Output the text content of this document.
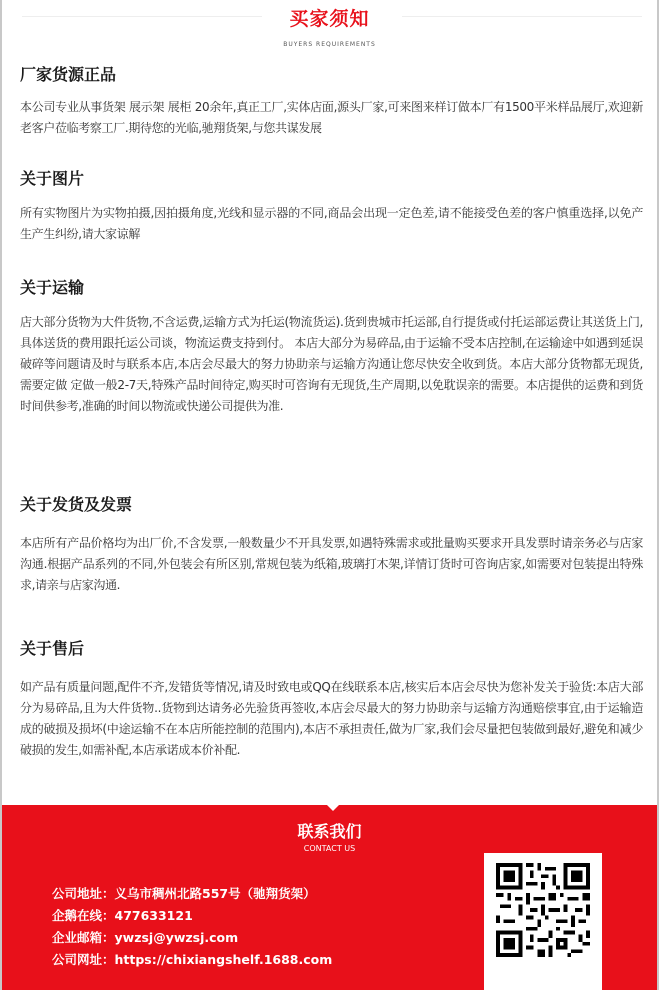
买家须知
BUYERS REQUIREMENTS
厂家货源正品

本公司专业从事货架 展示架 展柜 20余年,真正工厂,实体店面,源头厂家,可来图来样订做本厂有1500平米样品展厅,欢迎新老客户莅临考察工厂.期待您的光临,驰翔货架,与您共谋发展

关于图片

所有实物图片为实物拍摄,因拍摄角度,光线和显示器的不同,商品会出现一定色差,请不能接受色差的客户慎重选择,以免产生产生纠纷,请大家谅解

关于运输

店大部分货物为大件货物,不含运费,运输方式为托运(物流货运).货到贵城市托运部,自行提货或付托运部运费让其送货上门,具体送货的费用跟托运公司谈，物流运费支持到付。 本店大部分为易碎品,由于运输不受本店控制,在运输途中如遇到延误破碎等问题请及时与联系本店,本店会尽最大的努力协助亲与运输方沟通让您尽快安全收到货。本店大部分货物都无现货,需要定做 定做一般2-7天,特殊产品时间待定,购买时可咨询有无现货,生产周期,以免耽误亲的需要。本店提供的运费和到货时间供参考,准确的时间以物流或快递公司提供为准.

关于发货及发票

本店所有产品价格均为出厂价,不含发票,一般数量少不开具发票,如遇特殊需求或批量购买要求开具发票时请亲务必与店家沟通.根据产品系列的不同,外包装会有所区别,常规包装为纸箱,玻璃打木架,详情订货时可咨询店家,如需要对包装提出特殊求,请亲与店家沟通.

关于售后

如产品有质量问题,配件不齐,发错货等情况,请及时致电或QQ在线联系本店,核实后本店会尽快为您补发关于验货:本店大部分为易碎品,且为大件货物..货物到达请务必先验货再签收,本店会尽最大的努力协助亲与运输方沟通赔偿事宜,由于运输造成的破损及损坏(中途运输不在本店所能控制的范围内),本店不承担责任,做为厂家,我们会尽量把包装做到最好,避免和减少破损的发生,如需补配,本店承诺成本价补配.

联系我们
CONTACT US
公司地址：义乌市稠州北路557号（驰翔货架）
企鹅在线：477633121
企业邮箱：ywzsj@ywzsj.com
公司网址：https://chixiangshelf.1688.com
